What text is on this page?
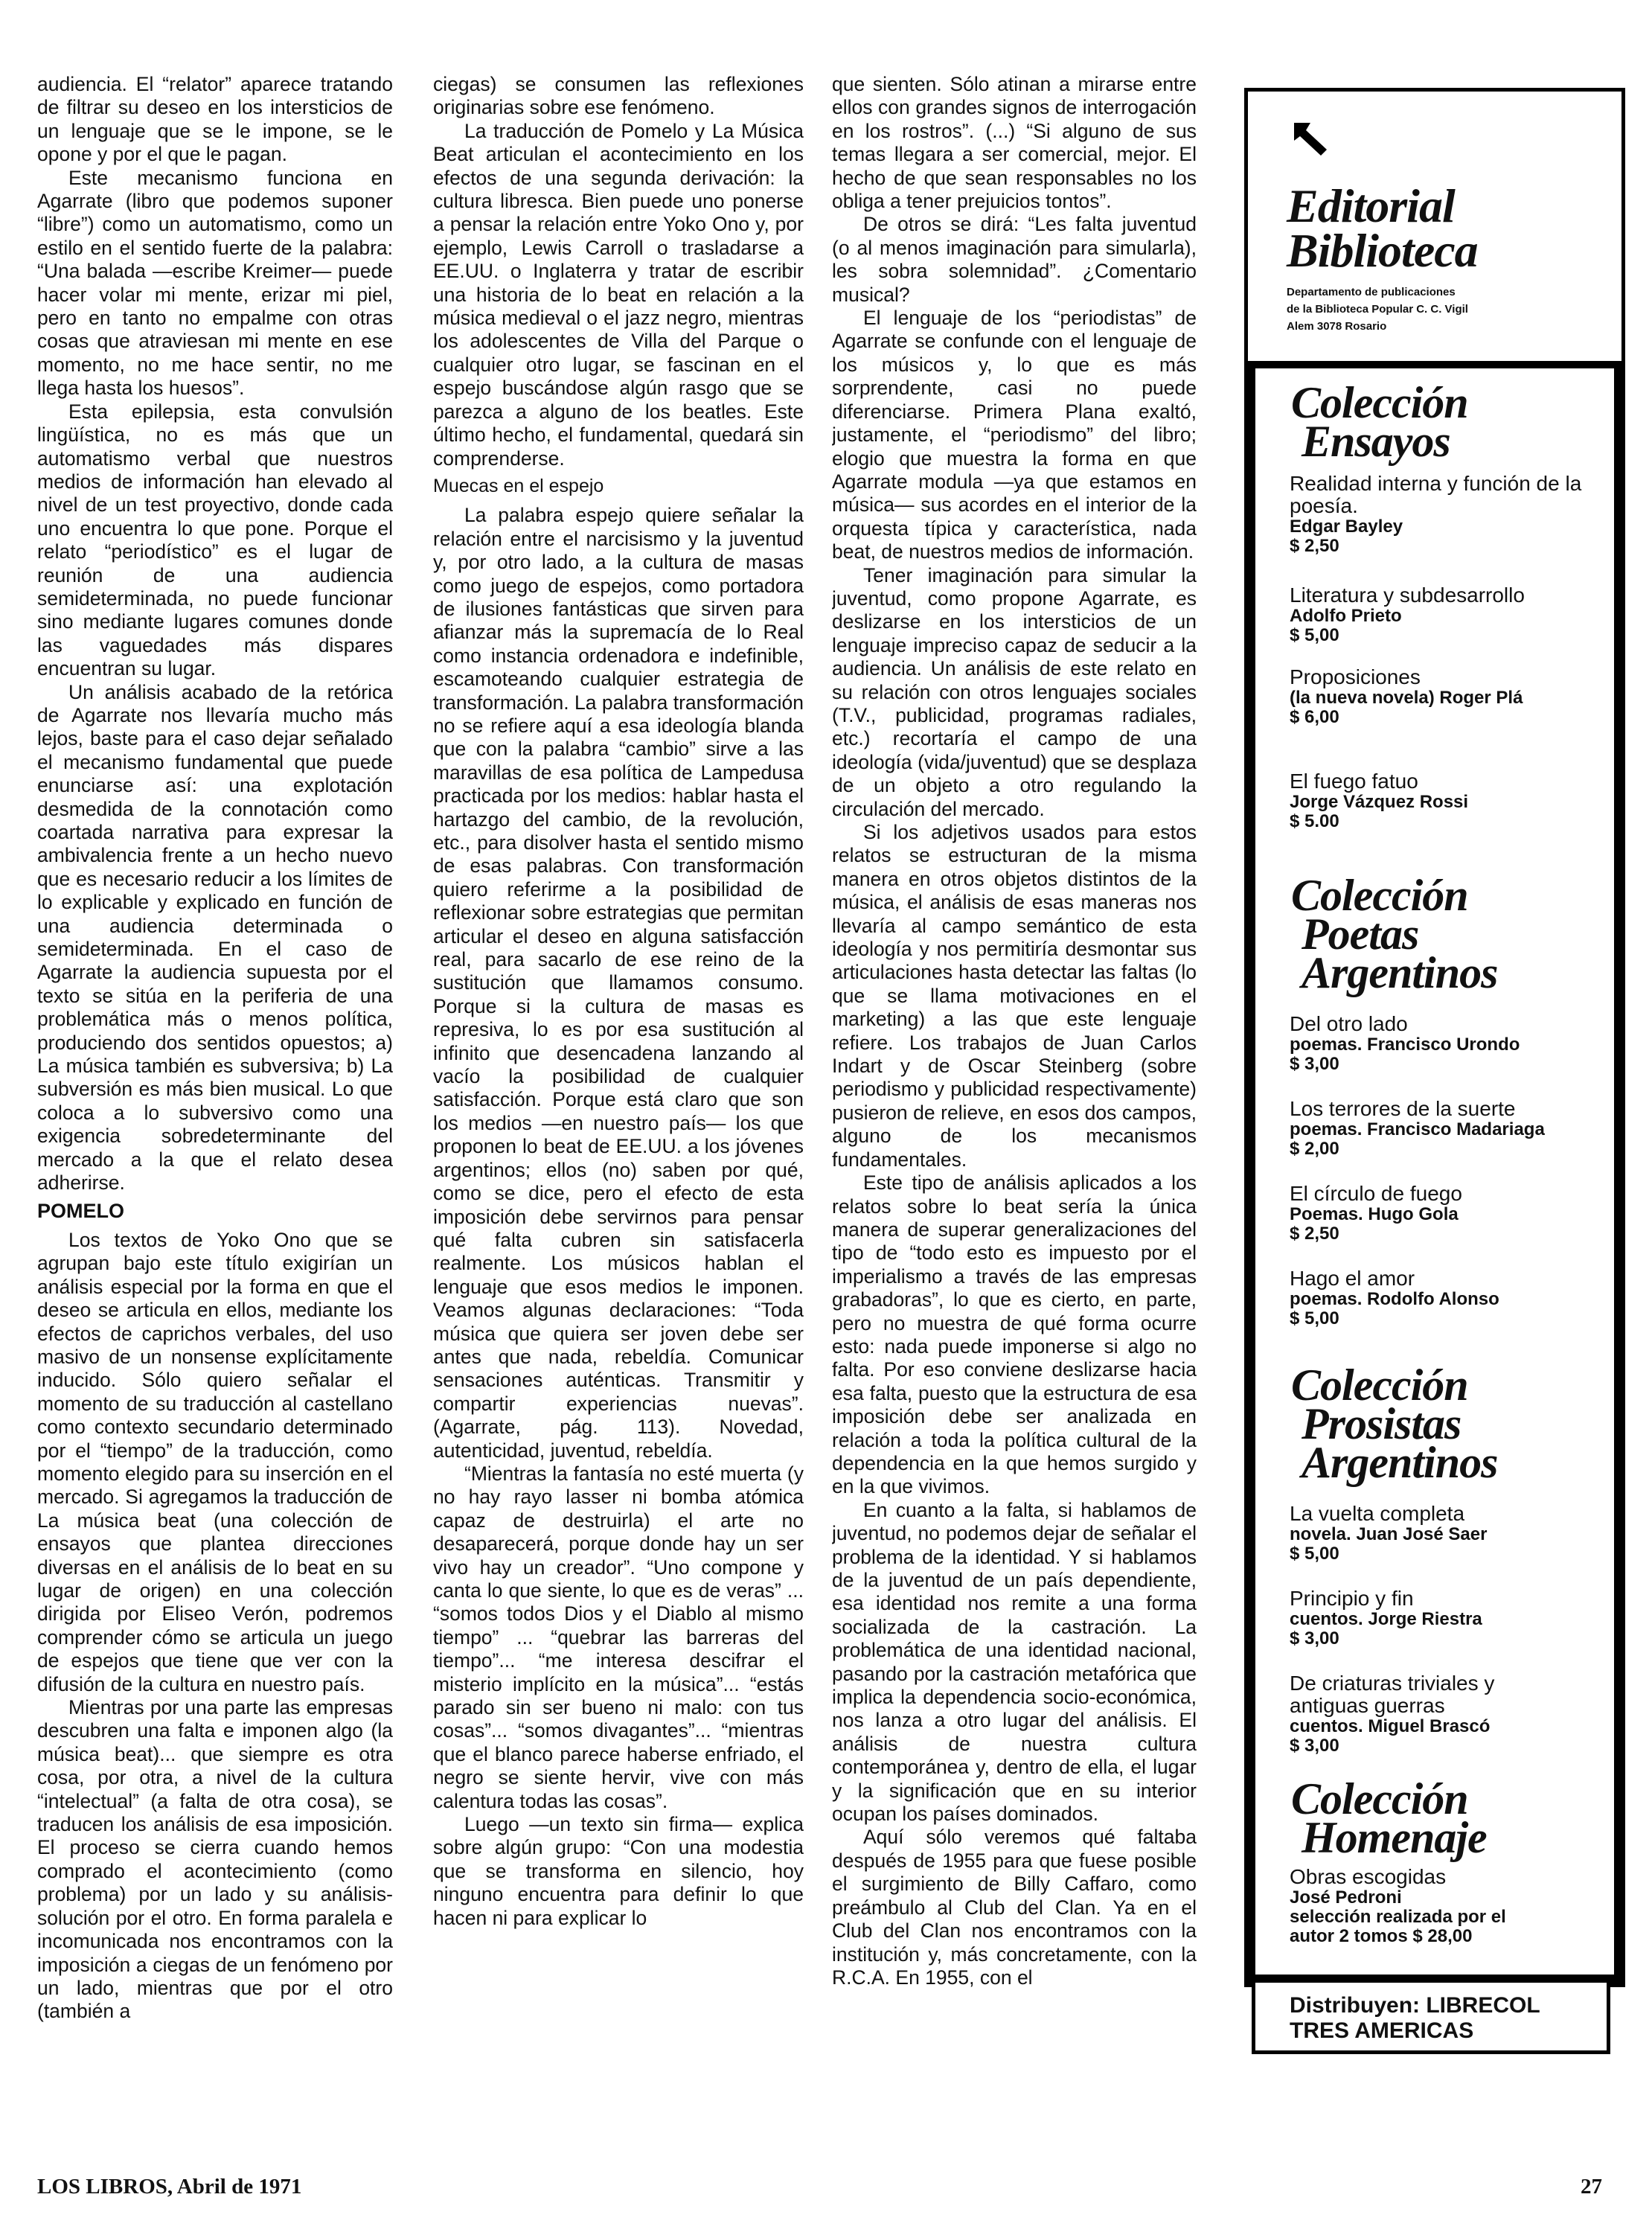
audiencia. El “relator” aparece tratando de filtrar su deseo en los intersticios de un lenguaje que se le impone, se le opone y por el que le pagan.

Este mecanismo funciona en Agarrate (libro que podemos suponer “libre”) como un automatismo, como un estilo en el sentido fuerte de la palabra: “Una balada —escribe Kreimer— puede hacer volar mi mente, erizar mi piel, pero en tanto no empalme con otras cosas que atraviesan mi mente en ese momento, no me hace sentir, no me llega hasta los huesos”.

Esta epilepsia, esta convulsión lingüística, no es más que un automatismo verbal que nuestros medios de información han elevado al nivel de un test proyectivo, donde cada uno encuentra lo que pone. Porque el relato “periodístico” es el lugar de reunión de una audiencia semideterminada, no puede funcionar sino mediante lugares comunes donde las vaguedades más dispares encuentran su lugar.

Un análisis acabado de la retórica de Agarrate nos llevaría mucho más lejos, baste para el caso dejar señalado el mecanismo fundamental que puede enunciarse así: una explotación desmedida de la connotación como coartada narrativa para expresar la ambivalencia frente a un hecho nuevo que es necesario reducir a los límites de lo explicable y explicado en función de una audiencia determinada o semideterminada. En el caso de Agarrate la audiencia supuesta por el texto se sitúa en la periferia de una problemática más o menos política, produciendo dos sentidos opuestos; a) La música también es subversiva; b) La subversión es más bien musical. Lo que coloca a lo subversivo como una exigencia sobredeterminante del mercado a la que el relato desea adherirse.

POMELO

Los textos de Yoko Ono que se agrupan bajo este título exigirían un análisis especial por la forma en que el deseo se articula en ellos, mediante los efectos de caprichos verbales, del uso masivo de un nonsense explícitamente inducido. Sólo quiero señalar el momento de su traducción al castellano como contexto secundario determinado por el “tiempo” de la traducción, como momento elegido para su inserción en el mercado. Si agregamos la traducción de La música beat (una colección de ensayos que plantea direcciones diversas en el análisis de lo beat en su lugar de origen) en una colección dirigida por Eliseo Verón, podremos comprender cómo se articula un juego de espejos que tiene que ver con la difusión de la cultura en nuestro país.

Mientras por una parte las empresas descubren una falta e imponen algo (la música beat)... que siempre es otra cosa, por otra, a nivel de la cultura “intelectual” (a falta de otra cosa), se traducen los análisis de esa imposición. El proceso se cierra cuando hemos comprado el acontecimiento (como problema) por un lado y su análisis-solución por el otro. En forma paralela e incomunicada nos encontramos con la imposición a ciegas de un fenómeno por un lado, mientras que por el otro (también a

ciegas) se consumen las reflexiones originarias sobre ese fenómeno.

La traducción de Pomelo y La Música Beat articulan el acontecimiento en los efectos de una segunda derivación: la cultura libresca. Bien puede uno ponerse a pensar la relación entre Yoko Ono y, por ejemplo, Lewis Carroll o trasladarse a EE.UU. o Inglaterra y tratar de escribir una historia de lo beat en relación a la música medieval o el jazz negro, mientras los adolescentes de Villa del Parque o cualquier otro lugar, se fascinan en el espejo buscándose algún rasgo que se parezca a alguno de los beatles. Este último hecho, el fundamental, quedará sin comprenderse.

Muecas en el espejo

La palabra espejo quiere señalar la relación entre el narcisismo y la juventud y, por otro lado, a la cultura de masas como juego de espejos, como portadora de ilusiones fantásticas que sirven para afianzar más la supremacía de lo Real como instancia ordenadora e indefinible, escamoteando cualquier estrategia de transformación. La palabra transformación no se refiere aquí a esa ideología blanda que con la palabra “cambio” sirve a las maravillas de esa política de Lampedusa practicada por los medios: hablar hasta el hartazgo del cambio, de la revolución, etc., para disolver hasta el sentido mismo de esas palabras. Con transformación quiero referirme a la posibilidad de reflexionar sobre estrategias que permitan articular el deseo en alguna satisfacción real, para sacarlo de ese reino de la sustitución que llamamos consumo. Porque si la cultura de masas es represiva, lo es por esa sustitución al infinito que desencadena lanzando al vacío la posibilidad de cualquier satisfacción. Porque está claro que son los medios —en nuestro país— los que proponen lo beat de EE.UU. a los jóvenes argentinos; ellos (no) saben por qué, como se dice, pero el efecto de esta imposición debe servirnos para pensar qué falta cubren sin satisfacerla realmente. Los músicos hablan el lenguaje que esos medios le imponen. Veamos algunas declaraciones: “Toda música que quiera ser joven debe ser antes que nada, rebeldía. Comunicar sensaciones auténticas. Transmitir y compartir experiencias nuevas”. (Agarrate, pág. 113). Novedad, autenticidad, juventud, rebeldía.

“Mientras la fantasía no esté muerta (y no hay rayo lasser ni bomba atómica capaz de destruirla) el arte no desaparecerá, porque donde hay un ser vivo hay un creador”. “Uno compone y canta lo que siente, lo que es de veras” ... “somos todos Dios y el Diablo al mismo tiempo” ... “quebrar las barreras del tiempo”... “me interesa descifrar el misterio implícito en la música”... “estás parado sin ser bueno ni malo: con tus cosas”... “somos divagantes”... “mientras que el blanco parece haberse enfriado, el negro se siente hervir, vive con más calentura todas las cosas”.

Luego —un texto sin firma— explica sobre algún grupo: “Con una modestia que se transforma en silencio, hoy ninguno encuentra para definir lo que hacen ni para explicar lo

que sienten. Sólo atinan a mirarse entre ellos con grandes signos de interrogación en los rostros”. (...) “Si alguno de sus temas llegara a ser comercial, mejor. El hecho de que sean responsables no los obliga a tener prejuicios tontos”.

De otros se dirá: “Les falta juventud (o al menos imaginación para simularla), les sobra solemnidad”. ¿Comentario musical?

El lenguaje de los “periodistas” de Agarrate se confunde con el lenguaje de los músicos y, lo que es más sorprendente, casi no puede diferenciarse. Primera Plana exaltó, justamente, el “periodismo” del libro; elogio que muestra la forma en que Agarrate modula —ya que estamos en música— sus acordes en el interior de la orquesta típica y característica, nada beat, de nuestros medios de información.

Tener imaginación para simular la juventud, como propone Agarrate, es deslizarse en los intersticios de un lenguaje impreciso capaz de seducir a la audiencia. Un análisis de este relato en su relación con otros lenguajes sociales (T.V., publicidad, programas radiales, etc.) recortaría el campo de una ideología (vida/juventud) que se desplaza de un objeto a otro regulando la circulación del mercado.

Si los adjetivos usados para estos relatos se estructuran de la misma manera en otros objetos distintos de la música, el análisis de esas maneras nos llevaría al campo semántico de esta ideología y nos permitiría desmontar sus articulaciones hasta detectar las faltas (lo que se llama motivaciones en el marketing) a las que este lenguaje refiere. Los trabajos de Juan Carlos Indart y de Oscar Steinberg (sobre periodismo y publicidad respectivamente) pusieron de relieve, en esos dos campos, alguno de los mecanismos fundamentales.

Este tipo de análisis aplicados a los relatos sobre lo beat sería la única manera de superar generalizaciones del tipo de “todo esto es impuesto por el imperialismo a través de las empresas grabadoras”, lo que es cierto, en parte, pero no muestra de qué forma ocurre esto: nada puede imponerse si algo no falta. Por eso conviene deslizarse hacia esa falta, puesto que la estructura de esa imposición debe ser analizada en relación a toda la política cultural de la dependencia en la que hemos surgido y en la que vivimos.

En cuanto a la falta, si hablamos de juventud, no podemos dejar de señalar el problema de la identidad. Y si hablamos de la juventud de un país dependiente, esa identidad nos remite a una forma socializada de la castración. La problemática de una identidad nacional, pasando por la castración metafórica que implica la dependencia socio-económica, nos lanza a otro lugar del análisis. El análisis de nuestra cultura contemporánea y, dentro de ella, el lugar y la significación que en su interior ocupan los países dominados.

Aquí sólo veremos qué faltaba después de 1955 para que fuese posible el surgimiento de Billy Caffaro, como preámbulo al Club del Clan. Ya en el Club del Clan nos encontramos con la institución y, más concretamente, con la R.C.A. En 1955, con el

Editorial
Biblioteca
Departamento de publicaciones
de la Biblioteca Popular C. C. Vigil
Alem 3078 Rosario
Colección
Ensayos
Realidad interna y función de la poesía.
Edgar Bayley
$ 2,50
Literatura y subdesarrollo
Adolfo Prieto
$ 5,00
Proposiciones
(la nueva novela) Roger Plá
$ 6,00
El fuego fatuo
Jorge Vázquez Rossi
$ 5.00
Colección
Poetas
Argentinos
Del otro lado
poemas. Francisco Urondo
$ 3,00
Los terrores de la suerte
poemas. Francisco Madariaga
$ 2,00
El círculo de fuego
Poemas. Hugo Gola
$ 2,50
Hago el amor
poemas. Rodolfo Alonso
$ 5,00
Colección
Prosistas
Argentinos
La vuelta completa
novela. Juan José Saer
$ 5,00
Principio y fin
cuentos. Jorge Riestra
$ 3,00
De criaturas triviales y antiguas guerras
cuentos. Miguel Brascó
$ 3,00
Colección
Homenaje
Obras escogidas
José Pedroni
selección realizada por el autor 2 tomos $ 28,00
Distribuyen: LIBRECOL
TRES AMERICAS
LOS LIBROS, Abril de 1971	27
